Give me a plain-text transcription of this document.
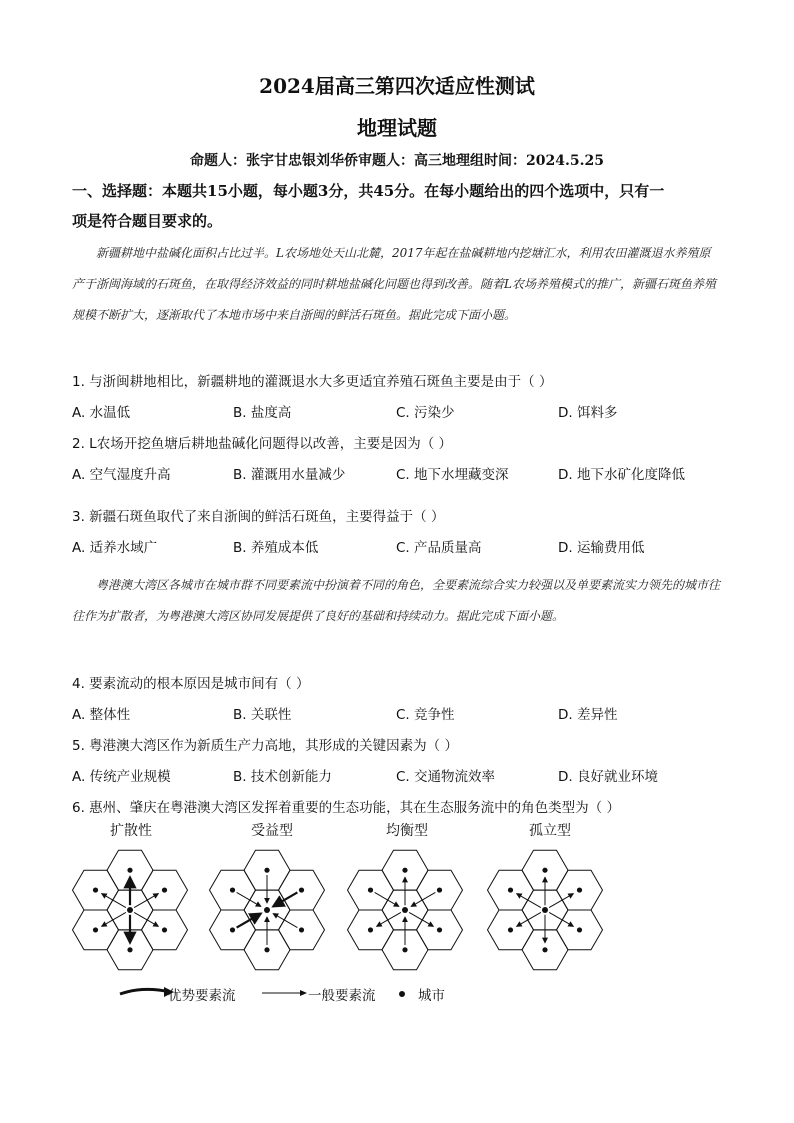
2024届高三第四次适应性测试
地理试题
命题人：张宇甘忠银刘华侨审题人：高三地理组时间：2024.5.25
一、选择题：本题共15小题，每小题3分，共45分。在每小题给出的四个选项中，只有一
项是符合题目要求的。
新疆耕地中盐碱化面积占比过半。L农场地处天山北麓，2017年起在盐碱耕地内挖塘汇水，利用农田灌溉退水养殖原产于浙闽海域的石斑鱼，在取得经济效益的同时耕地盐碱化问题也得到改善。随着L农场养殖模式的推广，新疆石斑鱼养殖规模不断扩大，逐渐取代了本地市场中来自浙闽的鲜活石斑鱼。据此完成下面小题。
1. 与浙闽耕地相比，新疆耕地的灌溉退水大多更适宜养殖石斑鱼主要是由于（ ）
A. 水温低	B. 盐度高	C. 污染少	D. 饵料多
2. L农场开挖鱼塘后耕地盐碱化问题得以改善，主要是因为（ ）
A. 空气湿度升高	B. 灌溉用水量减少	C. 地下水埋藏变深	D. 地下水矿化度降低
3. 新疆石斑鱼取代了来自浙闽的鲜活石斑鱼，主要得益于（ ）
A. 适养水域广	B. 养殖成本低	C. 产品质量高	D. 运输费用低
粤港澳大湾区各城市在城市群不同要素流中扮演着不同的角色，全要素流综合实力较强以及单要素流实力领先的城市往往作为扩散者，为粤港澳大湾区协同发展提供了良好的基础和持续动力。据此完成下面小题。
4. 要素流动的根本原因是城市间有（ ）
A. 整体性	B. 关联性	C. 竞争性	D. 差异性
5. 粤港澳大湾区作为新质生产力高地，其形成的关键因素为（ ）
A. 传统产业规模	B. 技术创新能力	C. 交通物流效率	D. 良好就业环境
6. 惠州、肇庆在粤港澳大湾区发挥着重要的生态功能，其在生态服务流中的角色类型为（ ）
扩散性	受益型	均衡型	孤立型
优势要素流	一般要素流	城市
